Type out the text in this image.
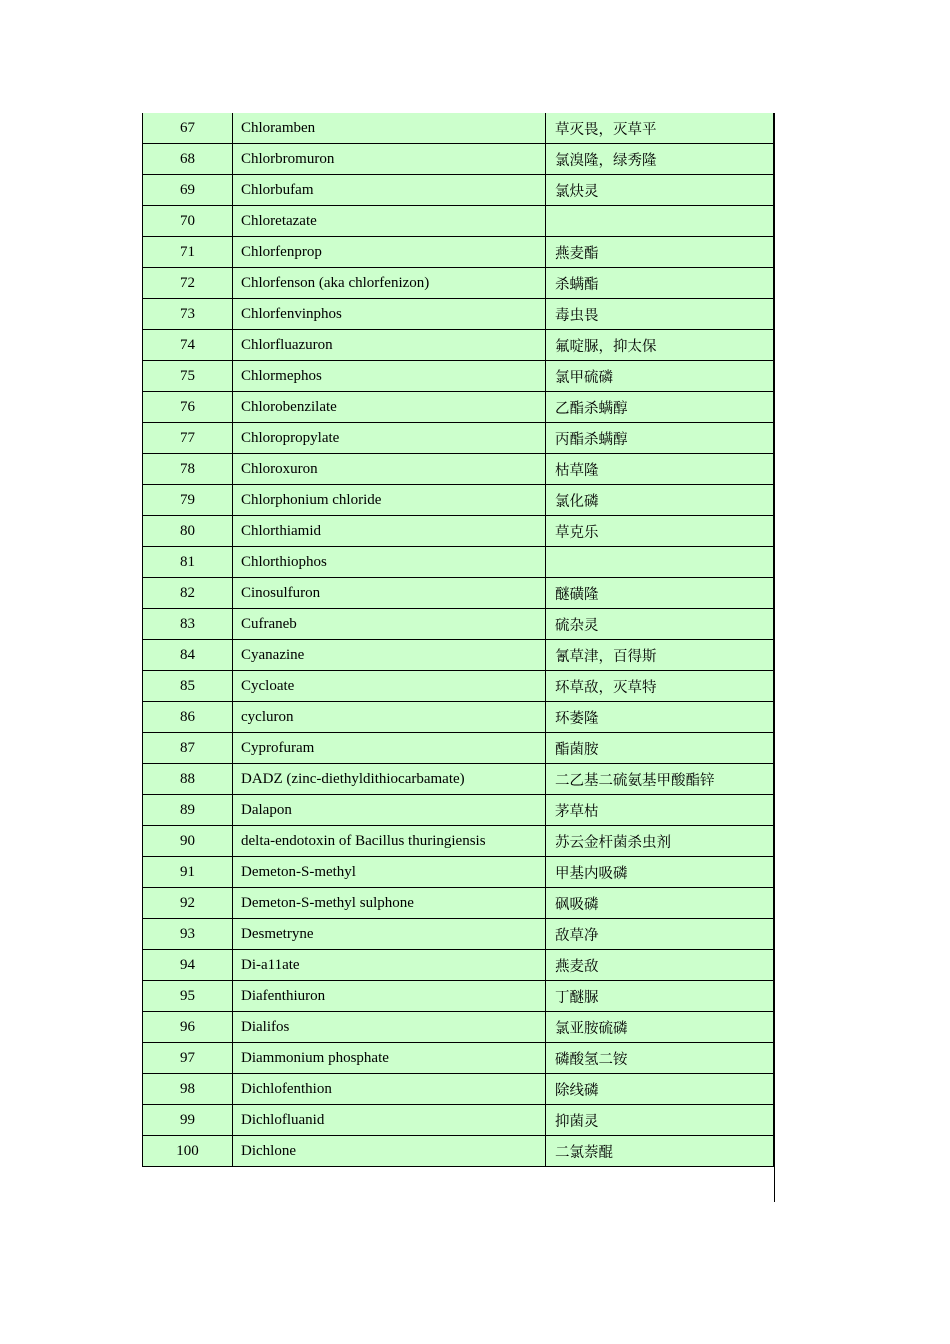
67	Chloramben	草灭畏，灭草平
68	Chlorbromuron	氯溴隆，绿秀隆
69	Chlorbufam	氯炔灵
70	Chloretazate	
71	Chlorfenprop	燕麦酯
72	Chlorfenson (aka chlorfenizon)	杀螨酯
73	Chlorfenvinphos	毒虫畏
74	Chlorfluazuron	氟啶脲，抑太保
75	Chlormephos	氯甲硫磷
76	Chlorobenzilate	乙酯杀螨醇
77	Chloropropylate	丙酯杀螨醇
78	Chloroxuron	枯草隆
79	Chlorphonium chloride	氯化磷
80	Chlorthiamid	草克乐
81	Chlorthiophos	
82	Cinosulfuron	醚磺隆
83	Cufraneb	硫杂灵
84	Cyanazine	氰草津，百得斯
85	Cycloate	环草敌，灭草特
86	cycluron	环萎隆
87	Cyprofuram	酯菌胺
88	DADZ (zinc-diethyldithiocarbamate)	二乙基二硫氨基甲酸酯锌
89	Dalapon	茅草枯
90	delta-endotoxin of Bacillus thuringiensis	苏云金杆菌杀虫剂
91	Demeton-S-methyl	甲基内吸磷
92	Demeton-S-methyl sulphone	砜吸磷
93	Desmetryne	敌草净
94	Di-a11ate	燕麦敌
95	Diafenthiuron	丁醚脲
96	Dialifos	氯亚胺硫磷
97	Diammonium phosphate	磷酸氢二铵
98	Dichlofenthion	除线磷
99	Dichlofluanid	抑菌灵
100	Dichlone	二氯萘醌
